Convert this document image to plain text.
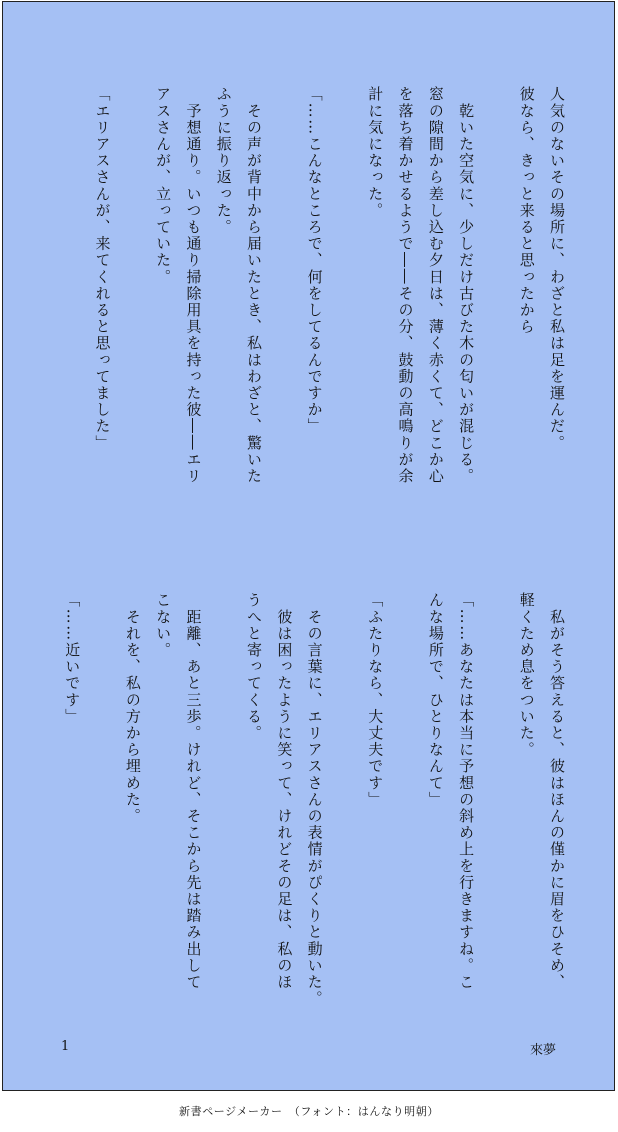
人気のないその場所に、わざと私は足を運んだ。
彼なら、きっと来ると思ったから

　乾いた空気に、少しだけ古びた木の匂いが混じる。
窓の隙間から差し込む夕日は、薄く赤くて、どこか心
を落ち着かせるようで――その分、鼓動の高鳴りが余
計に気になった。

「……こんなところで、何をしてるんですか」

　その声が背中から届いたとき、私はわざと、驚いた
ふうに振り返った。
　予想通り。いつも通り掃除用具を持った彼――エリ
アスさんが、立っていた。

「エリアスさんが、来てくれると思ってました」
　私がそう答えると、彼はほんの僅かに眉をひそめ、
軽くため息をついた。

「……あなたは本当に予想の斜め上を行きますね。こ
んな場所で、ひとりなんて」

「ふたりなら、大丈夫です」

　その言葉に、エリアスさんの表情がぴくりと動いた。
　彼は困ったように笑って、けれどその足は、私のほ
うへと寄ってくる。

　距離、あと三歩。けれど、そこから先は踏み出して
こない。
　それを、私の方から埋めた。

「……近いです」
1	來夢
新書ページメーカー　（フォント：はんなり明朝）
